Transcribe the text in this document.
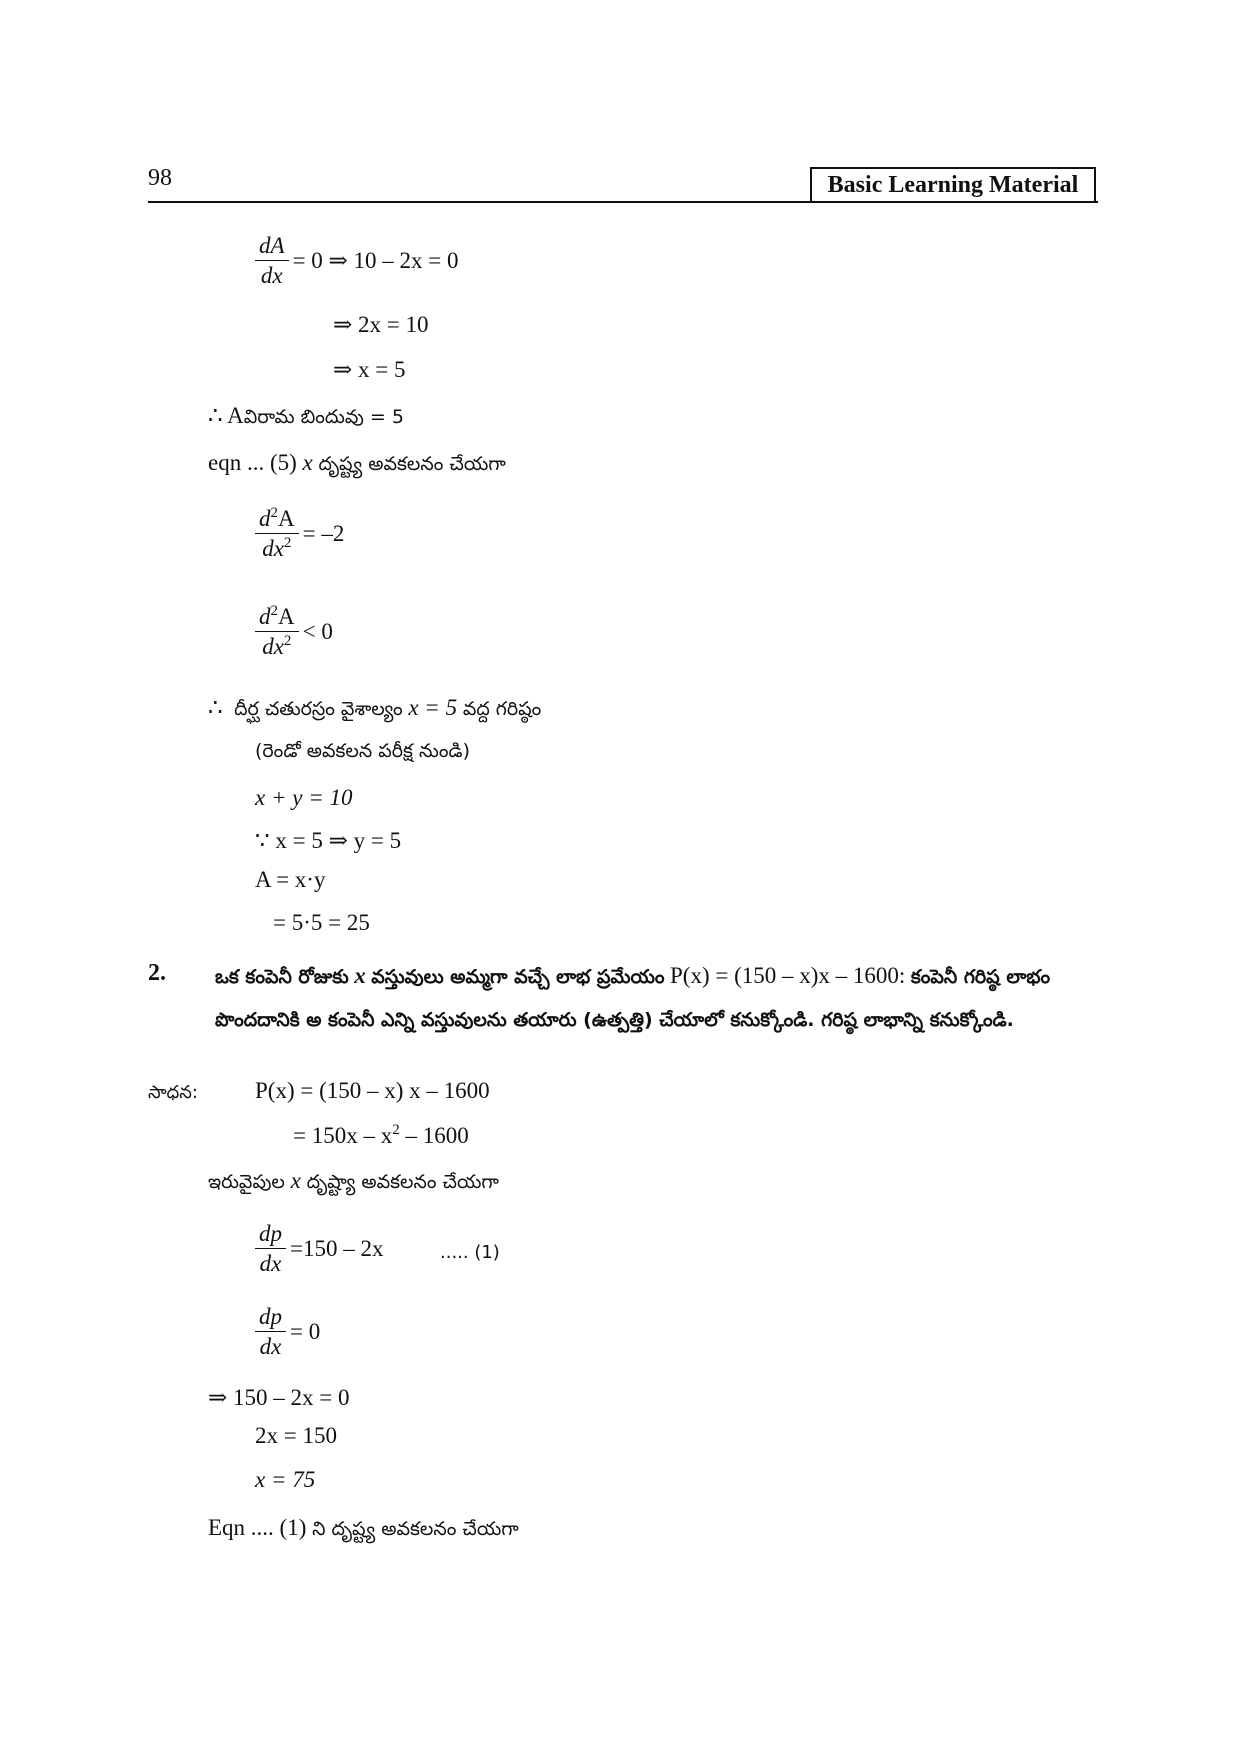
98	Basic Learning Material
$\frac{dA}{dx} = 0$ ⇒ 10 – 2x = 0
⇒ 2x = 10
⇒ x = 5
∴ Aవిరామ బిందువు = 5
eqn ... (5) x దృష్ట్య అవకలనం చేయగా
$\frac{d^2A}{dx^2} = -2$
$\frac{d^2A}{dx^2} < 0$
∴ దీర్ఘ చతురస్రం వైశాల్యం x = 5 వద్ద గరిష్ఠం
(రెండో అవకలన పరీక్ష నుండి)
x + y = 10
∵ x = 5 ⇒ y = 5
A = x·y
= 5·5 = 25
2.	ఒక కంపెనీ రోజుకు x వస్తువులు అమ్మగా వచ్చే లాభ ప్రమేయం P(x) = (150 – x)x – 1600: కంపెనీ గరిష్ఠ లాభం పొందదానికి అ కంపెనీ ఎన్ని వస్తువులను తయారు (ఉత్పత్తి) చేయాలో కనుక్కోండి. గరిష్ఠ లాభాన్ని కనుక్కోండి.
సాధన: P(x) = (150 – x) x – 1600
= $150x - x^2 - 1600$
ఇరువైపుల x దృష్ట్యా అవకలనం చేయగా
$\frac{dp}{dx} =150 - 2x$	..... (1)
$\frac{dp}{dx} = 0$
⇒ 150 – 2x = 0
2x = 150
x = 75
Eqn .... (1) ని దృష్ట్య అవకలనం చేయగా
